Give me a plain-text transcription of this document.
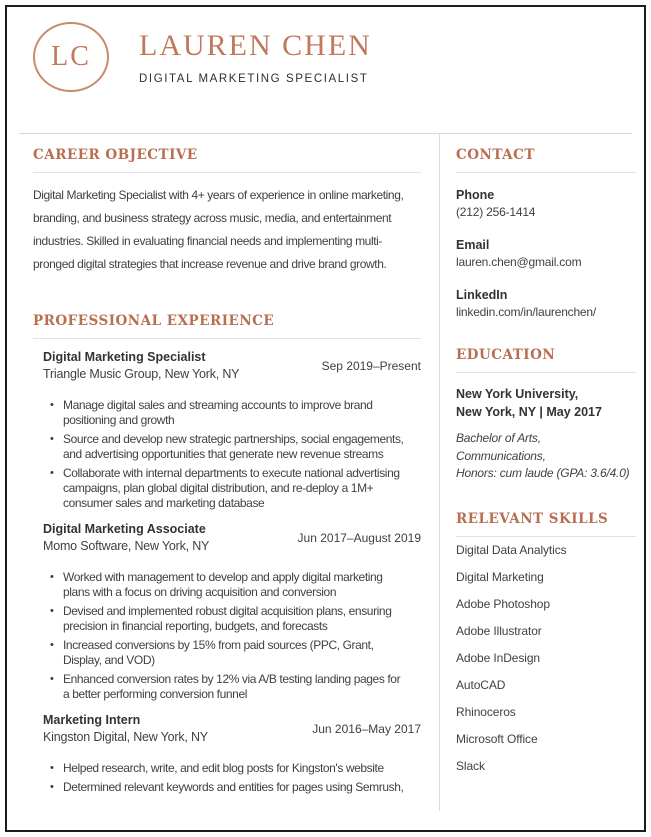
LC LAUREN CHEN
DIGITAL MARKETING SPECIALIST
CAREER OBJECTIVE
Digital Marketing Specialist with 4+ years of experience in online marketing,
branding, and business strategy across music, media, and entertainment
industries. Skilled in evaluating financial needs and implementing multi-
pronged digital strategies that increase revenue and drive brand growth.
PROFESSIONAL EXPERIENCE
Digital Marketing Specialist
Triangle Music Group, New York, NY
Sep 2019–Present
• Manage digital sales and streaming accounts to improve brand positioning and growth
• Source and develop new strategic partnerships, social engagements, and advertising opportunities that generate new revenue streams
• Collaborate with internal departments to execute national advertising campaigns, plan global digital distribution, and re-deploy a 1M+ consumer sales and marketing database
Digital Marketing Associate
Momo Software, New York, NY
Jun 2017–August 2019
• Worked with management to develop and apply digital marketing plans with a focus on driving acquisition and conversion
• Devised and implemented robust digital acquisition plans, ensuring precision in financial reporting, budgets, and forecasts
• Increased conversions by 15% from paid sources (PPC, Grant, Display, and VOD)
• Enhanced conversion rates by 12% via A/B testing landing pages for a better performing conversion funnel
Marketing Intern
Kingston Digital, New York, NY
Jun 2016–May 2017
• Helped research, write, and edit blog posts for Kingston's website
• Determined relevant keywords and entities for pages using Semrush,
CONTACT
Phone
(212) 256-1414
Email
lauren.chen@gmail.com
LinkedIn
linkedin.com/in/laurenchen/
EDUCATION
New York University,
New York, NY | May 2017
Bachelor of Arts,
Communications,
Honors: cum laude (GPA: 3.6/4.0)
RELEVANT SKILLS
Digital Data Analytics
Digital Marketing
Adobe Photoshop
Adobe Illustrator
Adobe InDesign
AutoCAD
Rhinoceros
Microsoft Office
Slack
